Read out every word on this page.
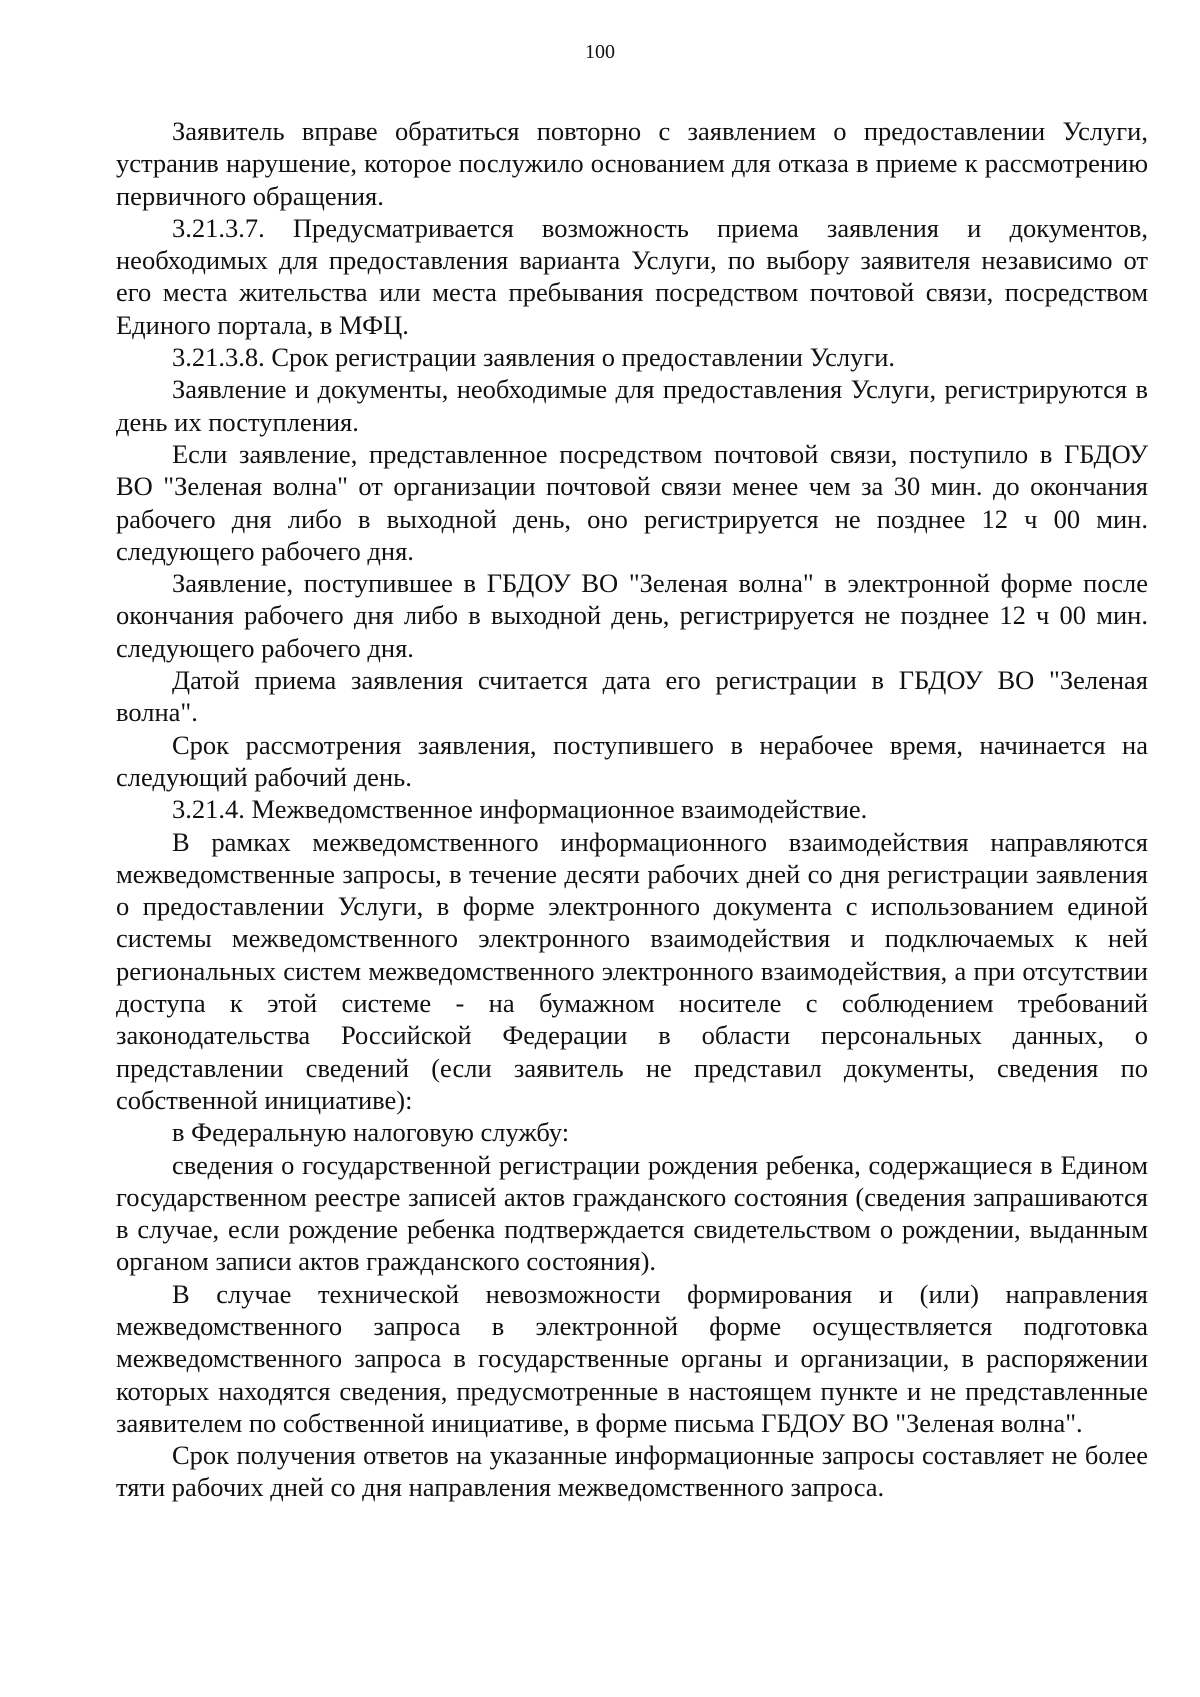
100

Заявитель вправе обратиться повторно с заявлением о предоставлении Услуги, устранив нарушение, которое послужило основанием для отказа в приеме к рассмотрению первичного обращения.

3.21.3.7. Предусматривается возможность приема заявления и документов, необходимых для предоставления варианта Услуги, по выбору заявителя независимо от его места жительства или места пребывания посредством почтовой связи, посредством Единого портала, в МФЦ.

3.21.3.8. Срок регистрации заявления о предоставлении Услуги.

Заявление и документы, необходимые для предоставления Услуги, регистрируются в день их поступления.

Если заявление, представленное посредством почтовой связи, поступило в ГБДОУ ВО "Зеленая волна" от организации почтовой связи менее чем за 30 мин. до окончания рабочего дня либо в выходной день, оно регистрируется не позднее 12 ч 00 мин. следующего рабочего дня.

Заявление, поступившее в ГБДОУ ВО "Зеленая волна" в электронной форме после окончания рабочего дня либо в выходной день, регистрируется не позднее 12 ч 00 мин. следующего рабочего дня.

Датой приема заявления считается дата его регистрации в ГБДОУ ВО "Зеленая волна".

Срок рассмотрения заявления, поступившего в нерабочее время, начинается на следующий рабочий день.

3.21.4. Межведомственное информационное взаимодействие.

В рамках межведомственного информационного взаимодействия направляются межведомственные запросы, в течение десяти рабочих дней со дня регистрации заявления о предоставлении Услуги, в форме электронного документа с использованием единой системы межведомственного электронного взаимодействия и подключаемых к ней региональных систем межведомственного электронного взаимодействия, а при отсутствии доступа к этой системе - на бумажном носителе с соблюдением требований законодательства Российской Федерации в области персональных данных, о представлении сведений (если заявитель не представил документы, сведения по собственной инициативе):

в Федеральную налоговую службу:

сведения о государственной регистрации рождения ребенка, содержащиеся в Едином государственном реестре записей актов гражданского состояния (сведения запрашиваются в случае, если рождение ребенка подтверждается свидетельством о рождении, выданным органом записи актов гражданского состояния).

В случае технической невозможности формирования и (или) направления межведомственного запроса в электронной форме осуществляется подготовка межведомственного запроса в государственные органы и организации, в распоряжении которых находятся сведения, предусмотренные в настоящем пункте и не представленные заявителем по собственной инициативе, в форме письма ГБДОУ ВО "Зеленая волна".

Срок получения ответов на указанные информационные запросы составляет не более тяти рабочих дней со дня направления межведомственного запроса.
